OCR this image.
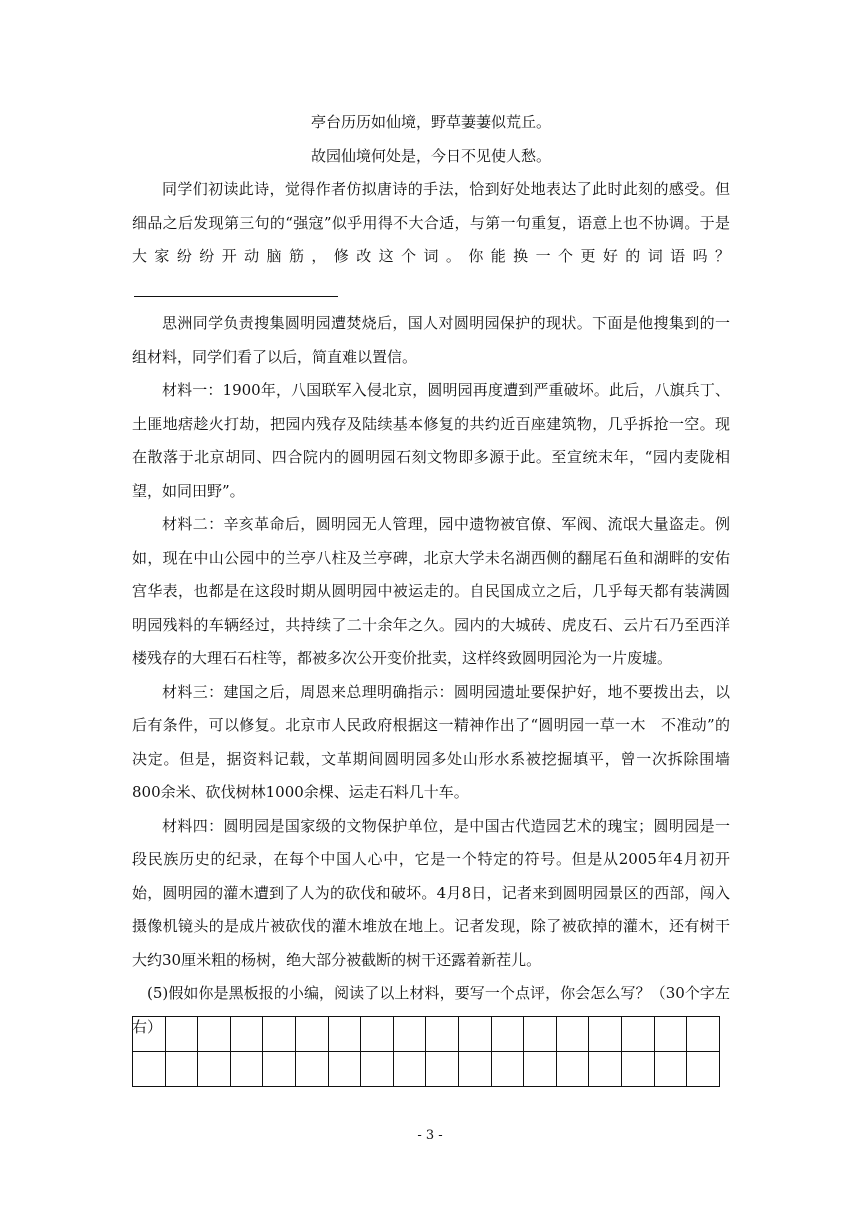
亭台历历如仙境，野草萋萋似荒丘。

故园仙境何处是，今日不见使人愁。

同学们初读此诗，觉得作者仿拟唐诗的手法，恰到好处地表达了此时此刻的感受。但细品之后发现第三句的“强寇”似乎用得不大合适，与第一句重复，语意上也不协调。于是大家纷纷开动脑筋，修改这个词。你能换一个更好的词语吗？

思洲同学负责搜集圆明园遭焚烧后，国人对圆明园保护的现状。下面是他搜集到的一组材料，同学们看了以后，简直难以置信。

材料一：1900年，八国联军入侵北京，圆明园再度遭到严重破坏。此后，八旗兵丁、土匪地痞趁火打劫，把园内残存及陆续基本修复的共约近百座建筑物，几乎拆抢一空。现在散落于北京胡同、四合院内的圆明园石刻文物即多源于此。至宣统末年，“园内麦陇相望，如同田野”。

材料二：辛亥革命后，圆明园无人管理，园中遗物被官僚、军阀、流氓大量盗走。例如，现在中山公园中的兰亭八柱及兰亭碑，北京大学未名湖西侧的翻尾石鱼和湖畔的安佑宫华表，也都是在这段时期从圆明园中被运走的。自民国成立之后，几乎每天都有装满圆明园残料的车辆经过，共持续了二十余年之久。园内的大城砖、虎皮石、云片石乃至西洋楼残存的大理石石柱等，都被多次公开变价批卖，这样终致圆明园沦为一片废墟。

材料三：建国之后，周恩来总理明确指示：圆明园遗址要保护好，地不要拨出去，以后有条件，可以修复。北京市人民政府根据这一精神作出了“圆明园一草一木　不准动”的决定。但是，据资料记载，文革期间圆明园多处山形水系被挖掘填平，曾一次拆除围墙800余米、砍伐树林1000余棵、运走石料几十车。

材料四：圆明园是国家级的文物保护单位，是中国古代造园艺术的瑰宝；圆明园是一段民族历史的纪录，在每个中国人心中，它是一个特定的符号。但是从2005年4月初开始，圆明园的灌木遭到了人为的砍伐和破坏。4月8日，记者来到圆明园景区的西部，闯入摄像机镜头的是成片被砍伐的灌木堆放在地上。记者发现，除了被砍掉的灌木，还有树干大约30厘米粗的杨树，绝大部分被截断的树干还露着新茬儿。

(5)假如你是黑板报的小编，阅读了以上材料，要写一个点评，你会怎么写？（30个字左右）

- 3 -
